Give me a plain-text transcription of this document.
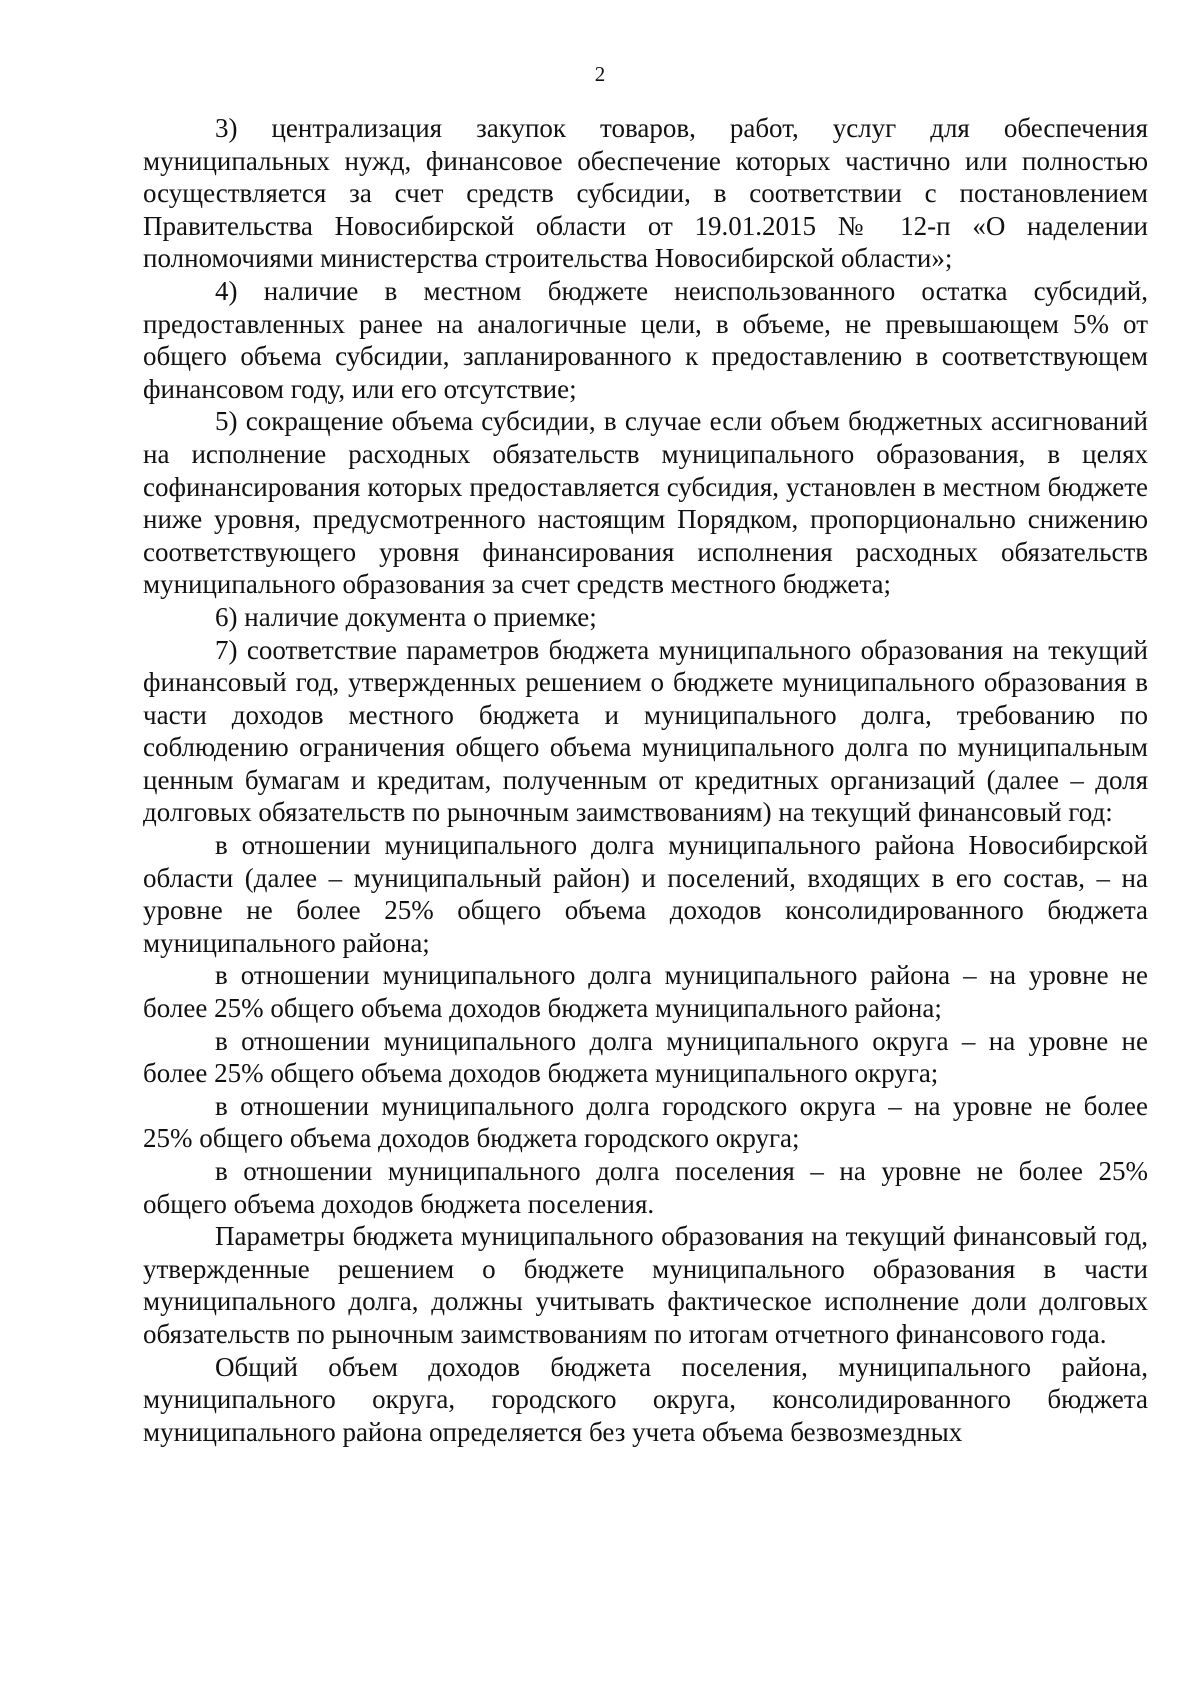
2

3) централизация закупок товаров, работ, услуг для обеспечения муниципальных нужд, финансовое обеспечение которых частично или полностью осуществляется за счет средств субсидии, в соответствии с постановлением Правительства Новосибирской области от 19.01.2015 № 12-п «О наделении полномочиями министерства строительства Новосибирской области»;

4) наличие в местном бюджете неиспользованного остатка субсидий, предоставленных ранее на аналогичные цели, в объеме, не превышающем 5% от общего объема субсидии, запланированного к предоставлению в соответствующем финансовом году, или его отсутствие;

5) сокращение объема субсидии, в случае если объем бюджетных ассигнований на исполнение расходных обязательств муниципального образования, в целях софинансирования которых предоставляется субсидия, установлен в местном бюджете ниже уровня, предусмотренного настоящим Порядком, пропорционально снижению соответствующего уровня финансирования исполнения расходных обязательств муниципального образования за счет средств местного бюджета;

6) наличие документа о приемке;

7) соответствие параметров бюджета муниципального образования на текущий финансовый год, утвержденных решением о бюджете муниципального образования в части доходов местного бюджета и муниципального долга, требованию по соблюдению ограничения общего объема муниципального долга по муниципальным ценным бумагам и кредитам, полученным от кредитных организаций (далее – доля долговых обязательств по рыночным заимствованиям) на текущий финансовый год:

в отношении муниципального долга муниципального района Новосибирской области (далее – муниципальный район) и поселений, входящих в его состав, – на уровне не более 25% общего объема доходов консолидированного бюджета муниципального района;

в отношении муниципального долга муниципального района – на уровне не более 25% общего объема доходов бюджета муниципального района;

в отношении муниципального долга муниципального округа – на уровне не более 25% общего объема доходов бюджета муниципального округа;

в отношении муниципального долга городского округа – на уровне не более 25% общего объема доходов бюджета городского округа;

в отношении муниципального долга поселения – на уровне не более 25% общего объема доходов бюджета поселения.

Параметры бюджета муниципального образования на текущий финансовый год, утвержденные решением о бюджете муниципального образования в части муниципального долга, должны учитывать фактическое исполнение доли долговых обязательств по рыночным заимствованиям по итогам отчетного финансового года.

Общий объем доходов бюджета поселения, муниципального района, муниципального округа, городского округа, консолидированного бюджета муниципального района определяется без учета объема безвозмездных
